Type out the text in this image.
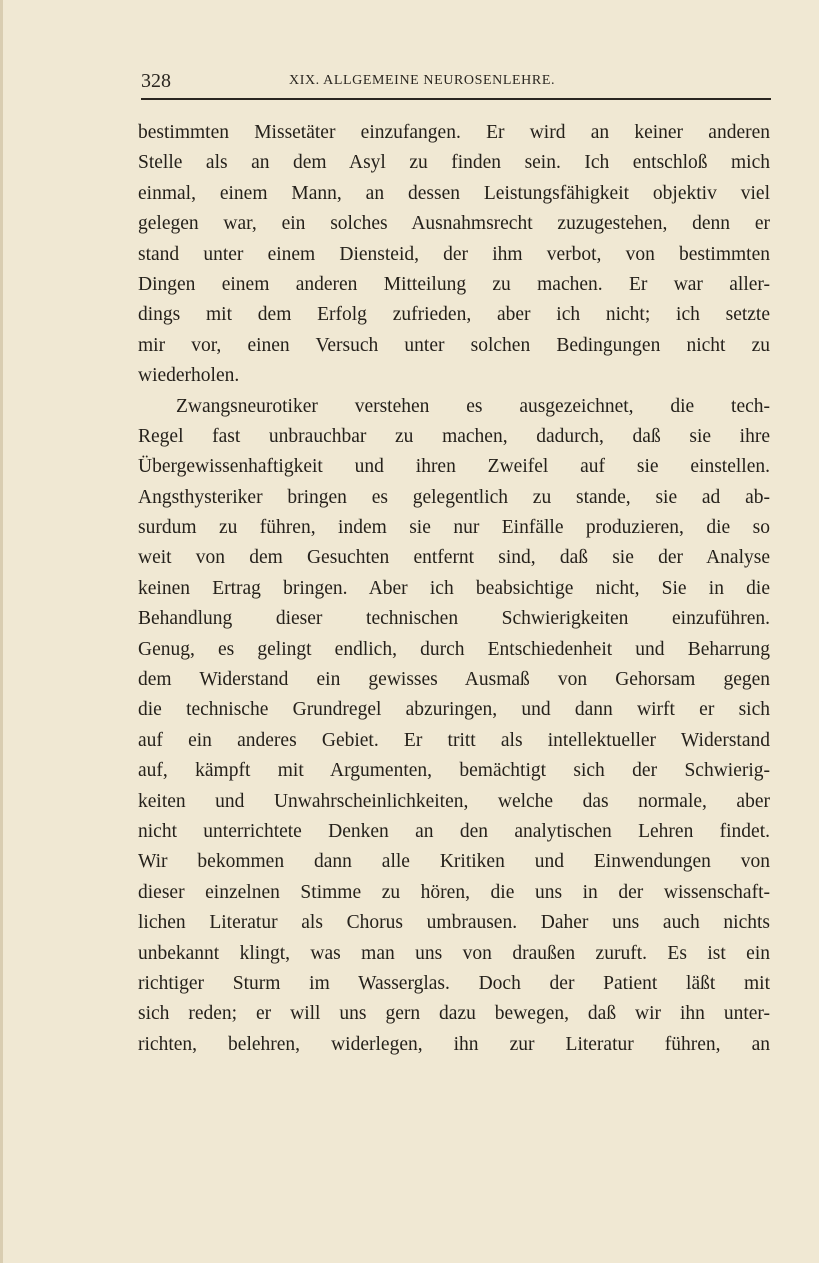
328	XIX. ALLGEMEINE NEUROSENLEHRE.
bestimmten Missetäter einzufangen. Er wird an keiner anderen
Stelle als an dem Asyl zu finden sein. Ich entschloß mich
einmal, einem Mann, an dessen Leistungsfähigkeit objektiv viel
gelegen war, ein solches Ausnahmsrecht zuzugestehen, denn er
stand unter einem Diensteid, der ihm verbot, von bestimmten
Dingen einem anderen Mitteilung zu machen. Er war aller-
dings mit dem Erfolg zufrieden, aber ich nicht; ich setzte
mir vor, einen Versuch unter solchen Bedingungen nicht zu
wiederholen.
Zwangsneurotiker verstehen es ausgezeichnet, die tech-
Regel fast unbrauchbar zu machen, dadurch, daß sie ihre
Übergewissenhaftigkeit und ihren Zweifel auf sie einstellen.
Angsthysteriker bringen es gelegentlich zu stande, sie ad ab-
surdum zu führen, indem sie nur Einfälle produzieren, die so
weit von dem Gesuchten entfernt sind, daß sie der Analyse
keinen Ertrag bringen. Aber ich beabsichtige nicht, Sie in die
Behandlung dieser technischen Schwierigkeiten einzuführen.
Genug, es gelingt endlich, durch Entschiedenheit und Beharrung
dem Widerstand ein gewisses Ausmaß von Gehorsam gegen
die technische Grundregel abzuringen, und dann wirft er sich
auf ein anderes Gebiet. Er tritt als intellektueller Widerstand
auf, kämpft mit Argumenten, bemächtigt sich der Schwierig-
keiten und Unwahrscheinlichkeiten, welche das normale, aber
nicht unterrichtete Denken an den analytischen Lehren findet.
Wir bekommen dann alle Kritiken und Einwendungen von
dieser einzelnen Stimme zu hören, die uns in der wissenschaft-
lichen Literatur als Chorus umbrausen. Daher uns auch nichts
unbekannt klingt, was man uns von draußen zuruft. Es ist ein
richtiger Sturm im Wasserglas. Doch der Patient läßt mit
sich reden; er will uns gern dazu bewegen, daß wir ihn unter-
richten, belehren, widerlegen, ihn zur Literatur führen, an
